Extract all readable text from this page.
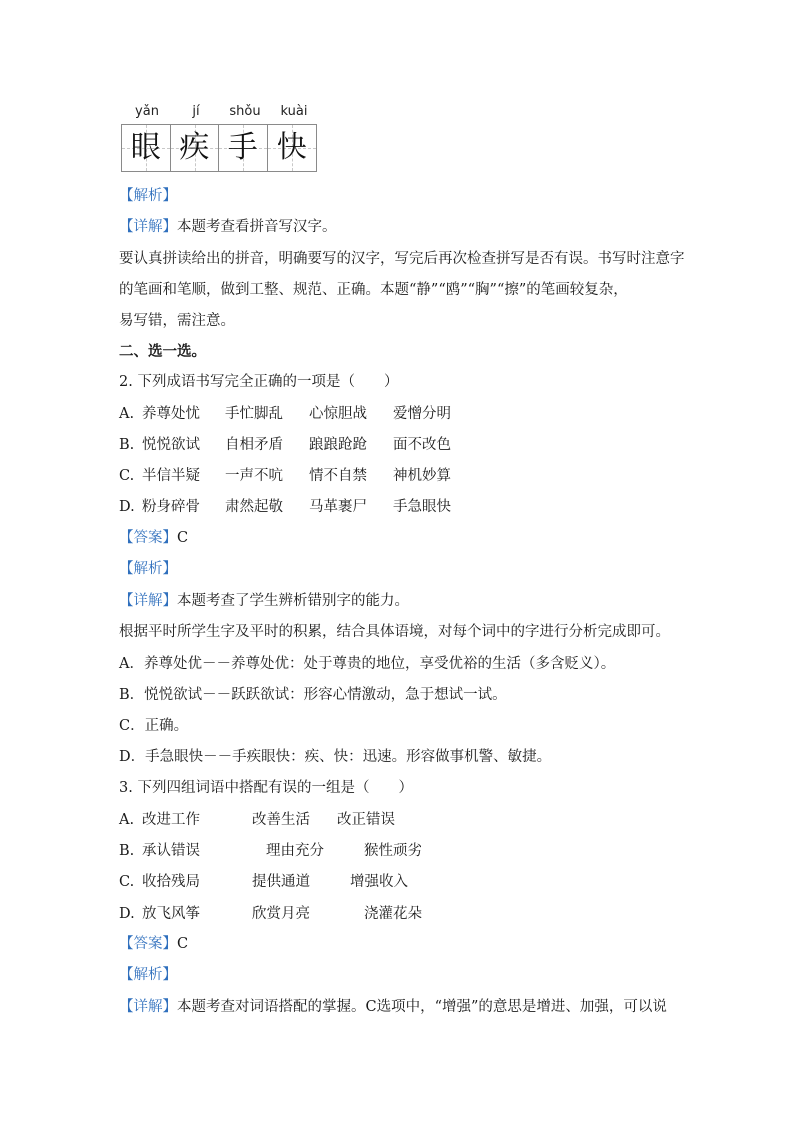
yǎn	jí	shǒu	kuài
眼 疾 手 快
【解析】
【详解】本题考查看拼音写汉字。
要认真拼读给出的拼音，明确要写的汉字，写完后再次检查拼写是否有误。书写时注意字
的笔画和笔顺，做到工整、规范、正确。本题“静”“鸥”“胸”“擦”的笔画较复杂，
易写错，需注意。
二、选一选。
2. 下列成语书写完全正确的一项是（　　）
A. 养尊处忧 手忙脚乱 心惊胆战 爱憎分明
B. 悦悦欲试 自相矛盾 踉踉跄跄 面不改色
C. 半信半疑 一声不吭 情不自禁 神机妙算
D. 粉身碎骨 肃然起敬 马革裹尸 手急眼快
【答案】C
【解析】
【详解】本题考查了学生辨析错别字的能力。
根据平时所学生字及平时的积累，结合具体语境，对每个词中的字进行分析完成即可。
A．养尊处优－－养尊处优：处于尊贵的地位，享受优裕的生活（多含贬义）。
B．悦悦欲试－－跃跃欲试：形容心情激动，急于想试一试。
C．正确。
D．手急眼快－－手疾眼快：疾、快：迅速。形容做事机警、敏捷。
3. 下列四组词语中搭配有误的一组是（　　）
A. 改进工作	改善生活 改正错误
B. 承认错误	理由充分	猴性顽劣
C. 收拾残局	提供通道	增强收入
D. 放飞风筝	欣赏月亮	浇灌花朵
【答案】C
【解析】
【详解】本题考查对词语搭配的掌握。C选项中，“增强”的意思是增进、加强，可以说
